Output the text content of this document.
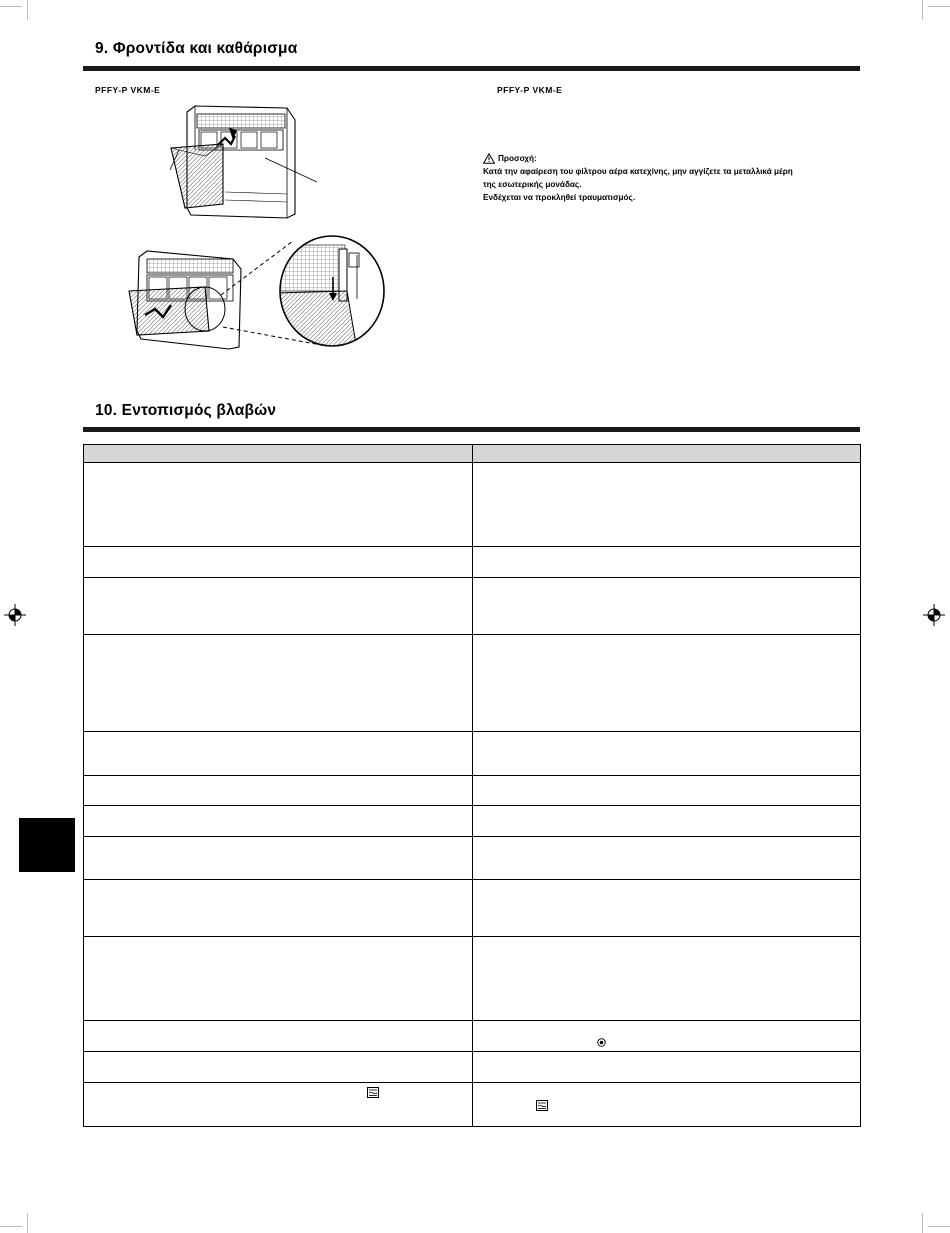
9. Φροντίδα και καθάρισμα
PFFY-P VKM-E	PFFY-P VKM-E
Προσοχή:

Κατά την αφαίρεση του φίλτρου αέρα κατεχίνης, μην αγγίζετε τα μεταλλικά μέρη

της εσωτερικής μονάδας.

Ενδέχεται να προκληθεί τραυματισμός.

10. Εντοπισμός βλαβών
